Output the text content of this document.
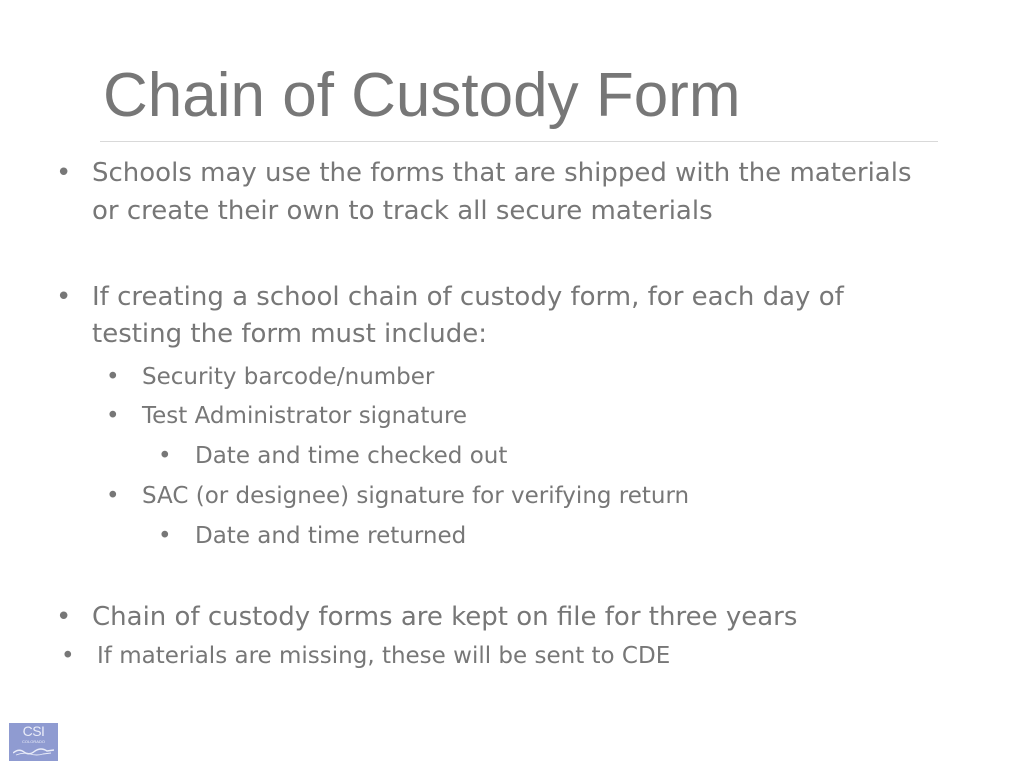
Chain of Custody Form
• Schools may use the forms that are shipped with the materials
or create their own to track all secure materials
• If creating a school chain of custody form, for each day of
testing the form must include:
• Security barcode/number
• Test Administrator signature
• Date and time checked out
• SAC (or designee) signature for verifying return
• Date and time returned
• Chain of custody forms are kept on file for three years
• If materials are missing, these will be sent to CDE
CSI
COLORADO
